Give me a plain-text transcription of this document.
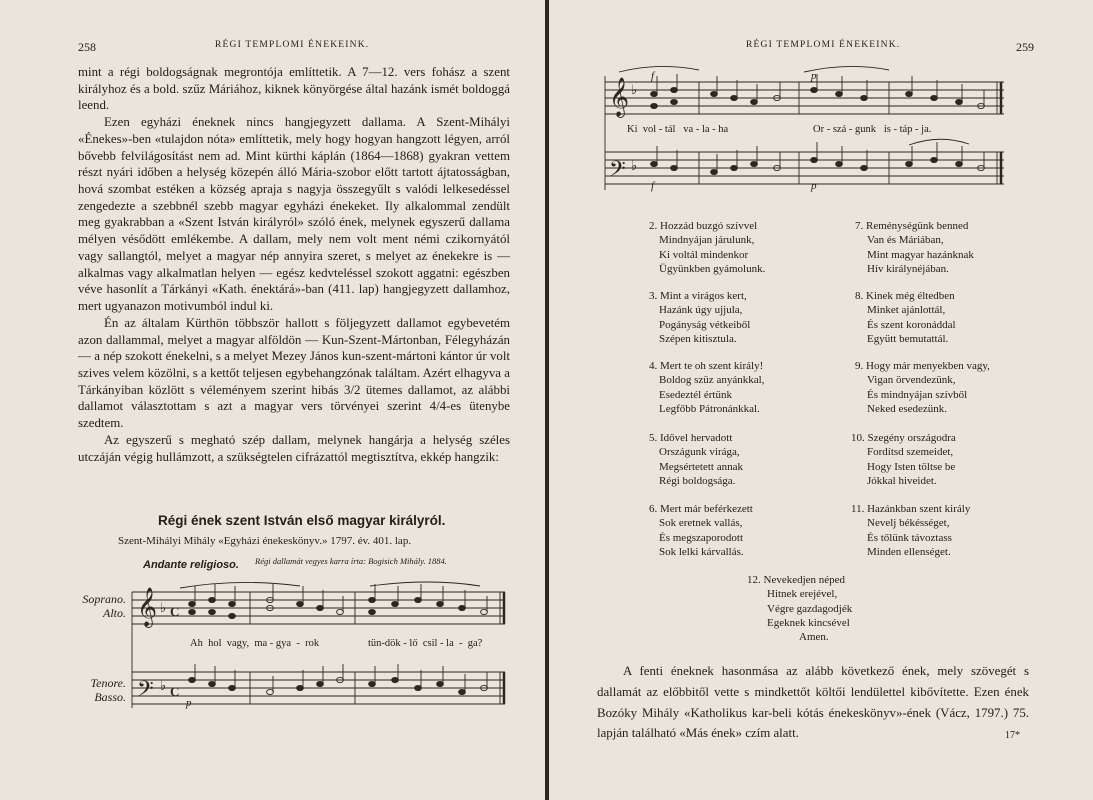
258	RÉGI TEMPLOMI ÉNEKEINK.

mint a régi boldogságnak megrontója említtetik. A 7—12. vers fohász a szent királyhoz és a bold. szűz Máriához, kiknek könyörgése által hazánk ismét boldoggá leend.

Ezen egyházi éneknek nincs hangjegyzett dallama. A Szent-Mihályi «Énekes»-ben «tulajdon nóta» említtetik, mely hogy hogyan hangzott légyen, arról bővebb felvilágosítást nem ad. Mint kürthi káplán (1864—1868) gyakran vettem részt nyári időben a helység közepén álló Mária-szobor előtt tartott ájtatosságban, hová szombat estéken a község apraja s nagyja összegyűlt s valódi lelkesedéssel zengedezte a szebbnél szebb magyar egyházi énekeket. Ily alkalommal zendült meg gyakrabban a «Szent István királyról» szóló ének, melynek egyszerű dallama mélyen vésődött emlékembe. A dallam, mely nem volt ment némi czikornyától vagy sallangtól, melyet a magyar nép annyira szeret, s melyet az énekekre is — alkalmas vagy alkalmatlan helyen — egész kedvteléssel szokott aggatni: egészben véve hasonlít a Tárkányi «Kath. énektárá»-ban (411. lap) hangjegyzett dallamhoz, mert ugyanazon motivumból indul ki.

Én az általam Kürthön többször hallott s följegyzett dallamot egybevetém azon dallammal, melyet a magyar alföldön — Kun-Szent-Mártonban, Félegyházán — a nép szokott énekelni, s a melyet Mezey János kun-szent-mártoni kántor úr volt szives velem közölni, s a kettőt teljesen egybehangzónak találtam. Azért elhagyva a Tárkányiban közlött s véleményem szerint hibás 3/2 ütemes dallamot, az alábbi dallamot választottam s azt a magyar vers törvényei szerint 4/4-es ütenybe szedtem.

Az egyszerű s megható szép dallam, melynek hangárja a helység széles utczáján végig hullámzott, a szükségtelen cifrázattól megtisztítva, ekkép hangzik:

Régi ének szent István első magyar királyról.
Szent-Mihályi Mihály «Egyházi énekeskönyv.» 1797. év. 401. lap.
Andante religioso. Régi dallamát vegyes karra írta: Bogisich Mihály. 1884.
Soprano.
Alto.
Tenore.
Basso.
𝄞
𝄢
♭
♭
C
C
Ah  hol  vagy,  ma - gya  -  rok	tün-dök - lő  csil - la  -  ga?
p
RÉGI TEMPLOMI ÉNEKEINK.	259
𝄞
𝄢
♭
♭
Ki  vol - tál   va - la - ha	Or - szá - gunk   is - táp - ja.
f	p
f	p
2. Hozzád buzgó szívvel
Mindnyájan járulunk,
Ki voltál mindenkor
Ügyünkben gyámolunk.
3. Mint a virágos kert,
Hazánk úgy ujjula,
Pogányság vétkeiből
Szépen kitisztula.
4. Mert te oh szent király!
Boldog szüz anyánkkal,
Esedeztél értünk
Legfőbb Pátronánkkal.
5. Idővel hervadott
Országunk virága,
Megsértetett annak
Régi boldogsága.
6. Mert már beférkezett
Sok eretnek vallás,
És megszaporodott
Sok lelki kárvallás.
7. Reménységünk benned
Van és Máriában,
Mint magyar hazánknak
Hív királynéjában.
8. Kinek még éltedben
Minket ajánlottál,
És szent koronáddal
Együtt bemutattál.
9. Hogy már menyekben vagy,
Vigan örvendezünk,
És mindnyájan szívből
Neked esedezünk.
10. Szegény országodra
Fordítsd szemeidet,
Hogy Isten töltse be
Jókkal hiveidet.
11. Hazánkban szent király
Nevelj békésséget,
És tőlünk távoztass
Minden ellenséget.
12. Nevekedjen néped
Hitnek erejével,
Végre gazdagodjék
Egeknek kincsével
Amen.

A fenti éneknek hasonmása az alább következő ének, mely szövegét s dallamát az előbbitől vette s mindkettőt költői lendülettel kibővítette. Ezen ének Bozóky Mihály «Katholikus kar-beli kótás énekeskönyv»-ének (Vácz, 1797.) 75. lapján található «Más ének» czím alatt.	17*
